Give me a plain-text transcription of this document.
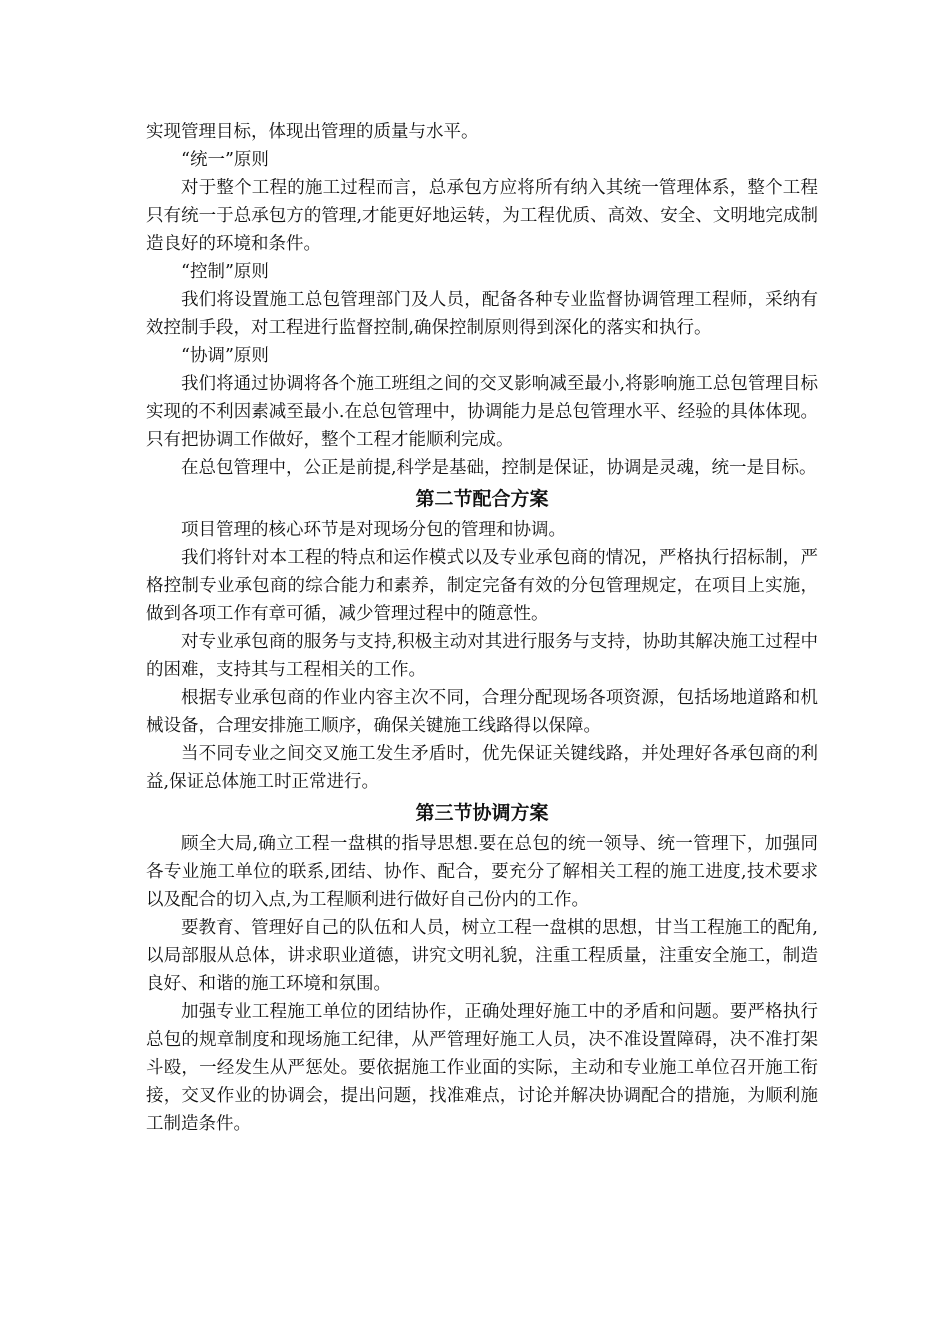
实现管理目标，体现出管理的质量与水平。

“统一”原则

对于整个工程的施工过程而言，总承包方应将所有纳入其统一管理体系，整个工程只有统一于总承包方的管理,才能更好地运转，为工程优质、高效、安全、文明地完成制造良好的环境和条件。

“控制”原则

我们将设置施工总包管理部门及人员，配备各种专业监督协调管理工程师，采纳有效控制手段，对工程进行监督控制,确保控制原则得到深化的落实和执行。

“协调”原则

我们将通过协调将各个施工班组之间的交叉影响减至最小,将影响施工总包管理目标实现的不利因素减至最小.在总包管理中，协调能力是总包管理水平、经验的具体体现。只有把协调工作做好，整个工程才能顺利完成。

在总包管理中，公正是前提,科学是基础，控制是保证，协调是灵魂，统一是目标。

第二节配合方案

项目管理的核心环节是对现场分包的管理和协调。

我们将针对本工程的特点和运作模式以及专业承包商的情况，严格执行招标制，严格控制专业承包商的综合能力和素养，制定完备有效的分包管理规定，在项目上实施，做到各项工作有章可循，减少管理过程中的随意性。

对专业承包商的服务与支持,积极主动对其进行服务与支持，协助其解决施工过程中的困难，支持其与工程相关的工作。

根据专业承包商的作业内容主次不同，合理分配现场各项资源，包括场地道路和机械设备，合理安排施工顺序，确保关键施工线路得以保障。

当不同专业之间交叉施工发生矛盾时，优先保证关键线路，并处理好各承包商的利益,保证总体施工时正常进行。

第三节协调方案

顾全大局,确立工程一盘棋的指导思想.要在总包的统一领导、统一管理下，加强同各专业施工单位的联系,团结、协作、配合，要充分了解相关工程的施工进度,技术要求以及配合的切入点,为工程顺利进行做好自己份内的工作。

要教育、管理好自己的队伍和人员，树立工程一盘棋的思想，甘当工程施工的配角,以局部服从总体，讲求职业道德，讲究文明礼貌，注重工程质量，注重安全施工，制造良好、和谐的施工环境和氛围。

加强专业工程施工单位的团结协作，正确处理好施工中的矛盾和问题。要严格执行总包的规章制度和现场施工纪律，从严管理好施工人员，决不准设置障碍，决不准打架斗殴，一经发生从严惩处。要依据施工作业面的实际，主动和专业施工单位召开施工衔接，交叉作业的协调会，提出问题，找准难点，讨论并解决协调配合的措施，为顺利施工制造条件。
